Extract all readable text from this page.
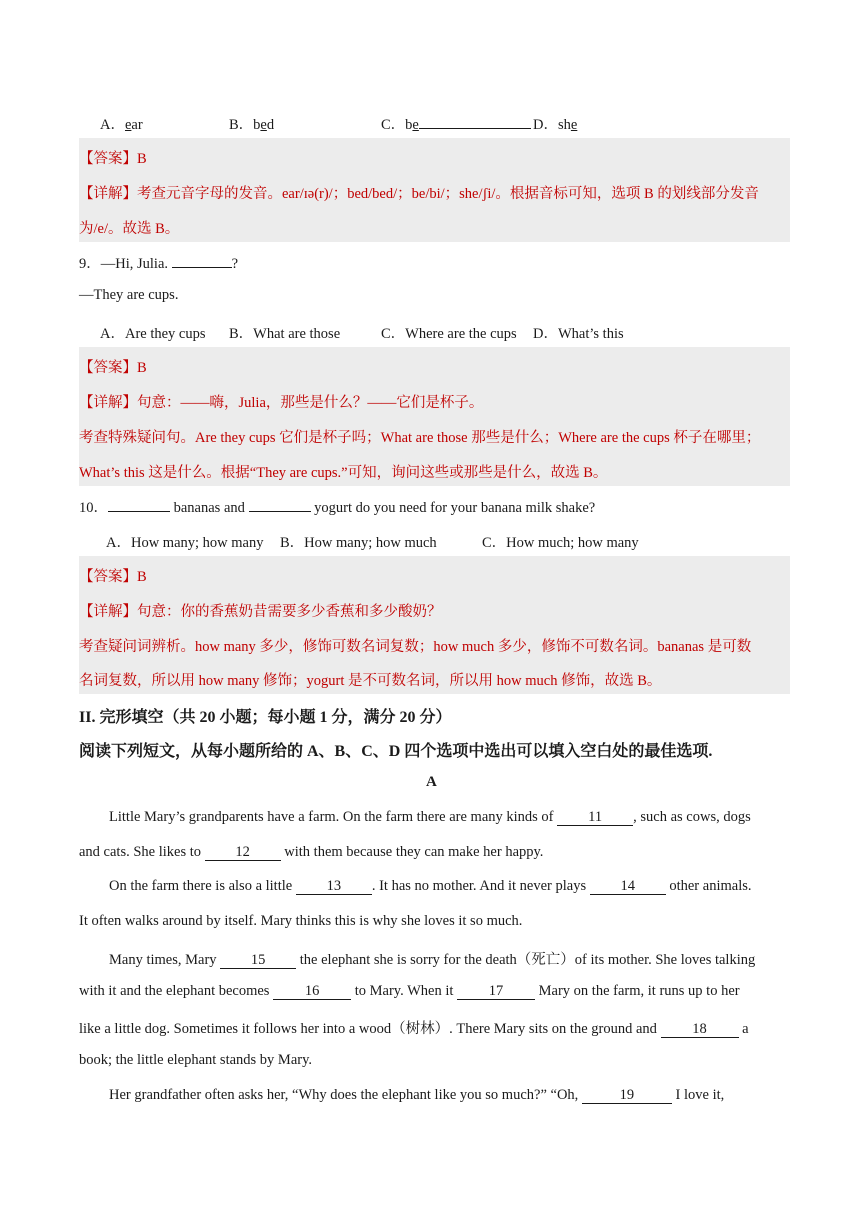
A．ear	B．bed	C．be	D．she
【答案】B
【详解】考查元音字母的发音。ear/ɪə(r)/；bed/bed/；be/bi/；she/ʃi/。根据音标可知，选项 B 的划线部分发音
为/e/。故选 B。
9．—Hi, Julia.	?
—They are cups.
A．Are they cups B．What are those	C．Where are the cups D．What’s this
【答案】B
【详解】句意：——嗨，Julia，那些是什么？——它们是杯子。
考查特殊疑问句。Are they cups 它们是杯子吗；What are those 那些是什么；Where are the cups 杯子在哪里；
What’s this 这是什么。根据“They are cups.”可知，询问这些或那些是什么，故选 B。
10．	bananas and	yogurt do you need for your banana milk shake?
A．How many; how many B．How many; how much	C．How much; how many
【答案】B
【详解】句意：你的香蕉奶昔需要多少香蕉和多少酸奶？
考查疑问词辨析。how many 多少，修饰可数名词复数；how much 多少，修饰不可数名词。bananas 是可数
名词复数，所以用 how many 修饰；yogurt 是不可数名词，所以用 how much 修饰，故选 B。
II. 完形填空（共 20 小题；每小题 1 分，满分 20 分）
阅读下列短文，从每小题所给的 A、B、C、D 四个选项中选出可以填入空白处的最佳选项.
A
Little Mary’s grandparents have a farm. On the farm there are many kinds of 11 , such as cows, dogs
and cats. She likes to 12 with them because they can make her happy.
On the farm there is also a little 13 . It has no mother. And it never plays 14 other animals.
It often walks around by itself. Mary thinks this is why she loves it so much.
Many times, Mary 15 the elephant she is sorry for the death（死亡）of its mother. She loves talking
with it and the elephant becomes 16 to Mary. When it 17 Mary on the farm, it runs up to her
like a little dog. Sometimes it follows her into a wood（树林）. There Mary sits on the ground and 18 a
book; the little elephant stands by Mary.
Her grandfather often asks her, “Why does the elephant like you so much?” “Oh,	19	I love it,
